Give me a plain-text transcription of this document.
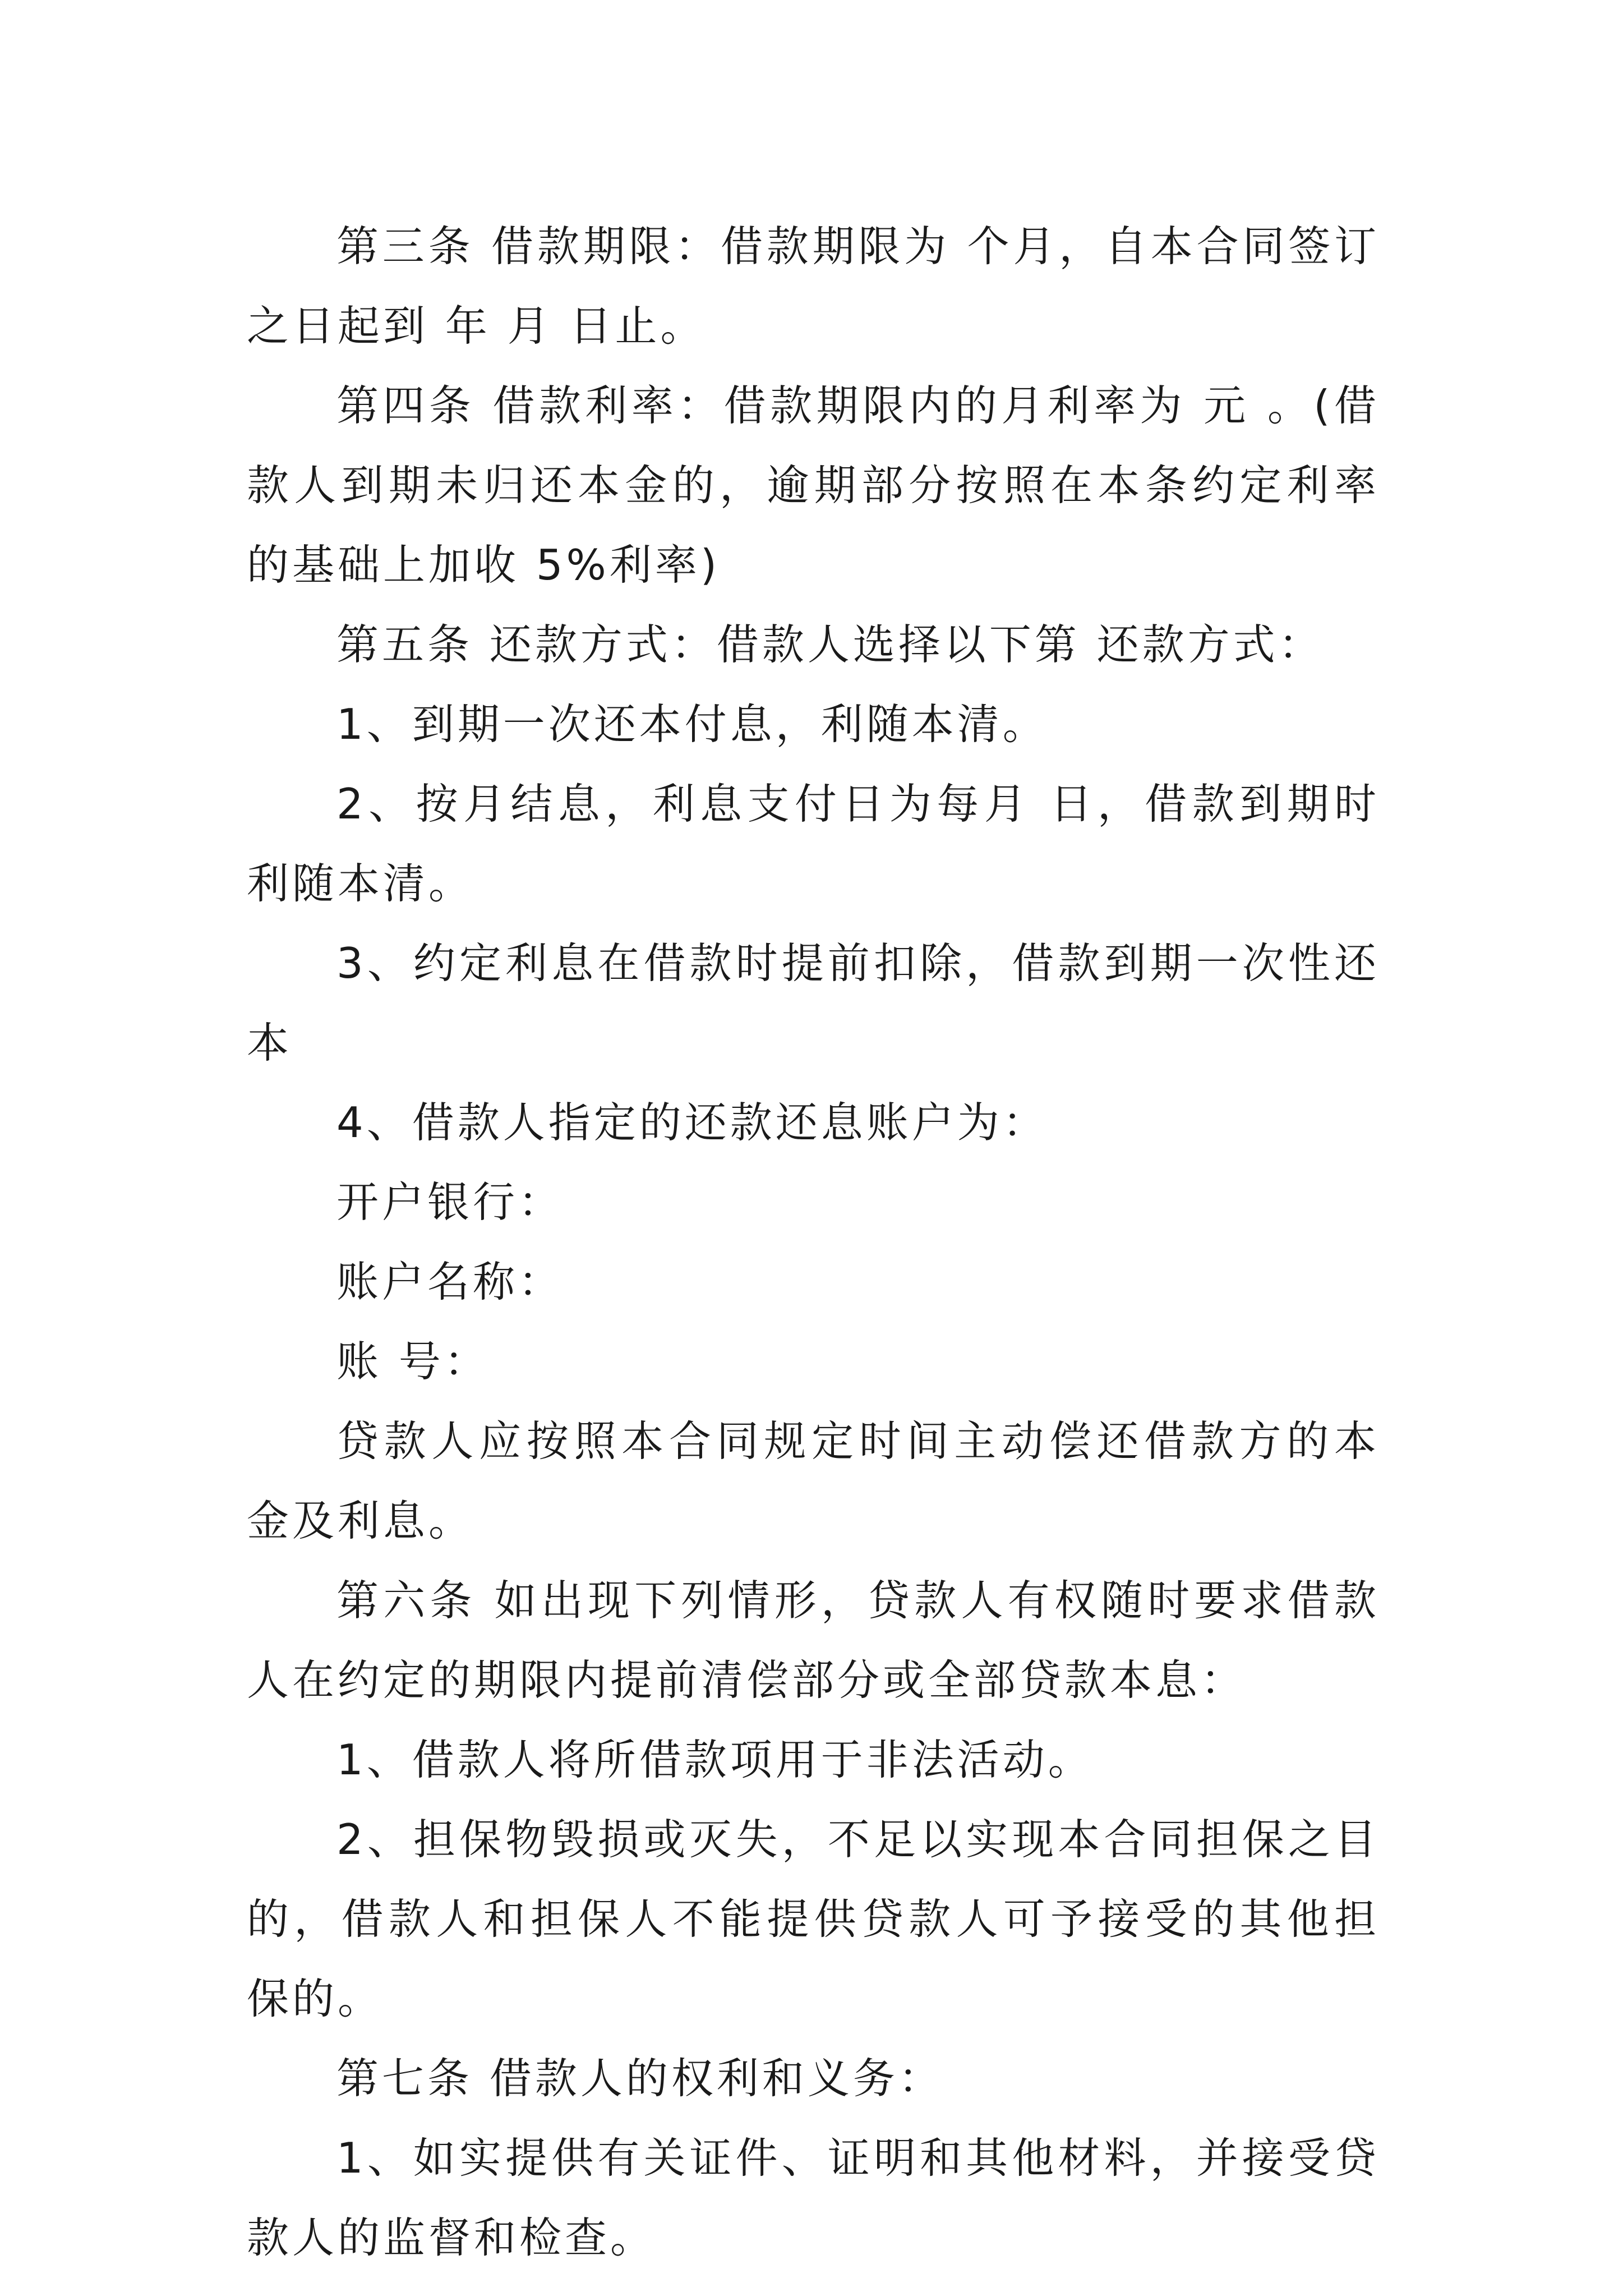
第三条 借款期限：借款期限为 个月，自本合同签订之日起到 年 月 日止。

第四条 借款利率：借款期限内的月利率为 元 。(借款人到期未归还本金的，逾期部分按照在本条约定利率的基础上加收 5%利率)

第五条 还款方式：借款人选择以下第 还款方式：

1、到期一次还本付息，利随本清。

2、按月结息，利息支付日为每月 日，借款到期时利随本清。

3、约定利息在借款时提前扣除，借款到期一次性还本

4、借款人指定的还款还息账户为：

开户银行：

账户名称：

账 号：

贷款人应按照本合同规定时间主动偿还借款方的本金及利息。

第六条 如出现下列情形，贷款人有权随时要求借款人在约定的期限内提前清偿部分或全部贷款本息：

1、借款人将所借款项用于非法活动。

2、担保物毁损或灭失，不足以实现本合同担保之目的，借款人和担保人不能提供贷款人可予接受的其他担保的。

第七条 借款人的权利和义务：

1、如实提供有关证件、证明和其他材料，并接受贷款人的监督和检查。
